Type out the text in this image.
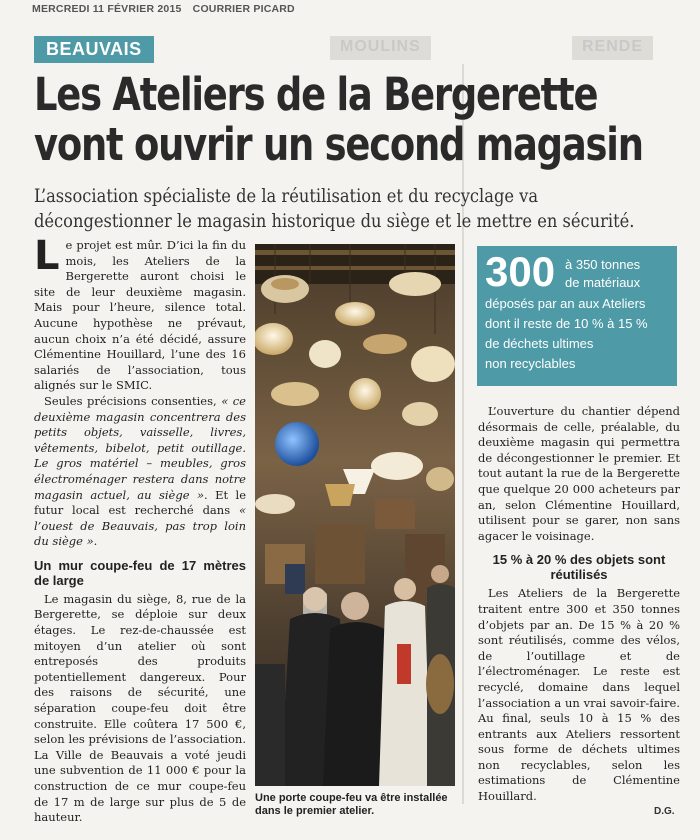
MERCREDI 11 FÉVRIER 2015 COURRIER PICARD
MOULINS	RENDE
BEAUVAIS
Les Ateliers de la Bergerette
vont ouvrir un second magasin
L’association spécialiste de la réutilisation et du recyclage va
décongestionner le magasin historique du siège et le mettre en sécurité.

Le projet est mûr. D’ici la fin du mois, les Ateliers de la Bergerette auront choisi le site de leur deuxième magasin. Mais pour l’heure, silence total. Aucune hypothèse ne prévaut, aucun choix n’a été décidé, assure Clémentine Houillard, l’une des 16 salariés de l’association, tous alignés sur le SMIC.

Seules précisions consenties, « ce deuxième magasin concentrera des petits objets, vaisselle, livres, vêtements, bibelot, petit outillage. Le gros matériel – meubles, gros électroménager restera dans notre magasin actuel, au siège ». Et le futur local est recherché dans « l’ouest de Beauvais, pas trop loin du siège ».

Un mur coupe-feu de 17 mètres de large

Le magasin du siège, 8, rue de la Bergerette, se déploie sur deux étages. Le rez-de-chaussée est mitoyen d’un atelier où sont entreposés des produits potentiellement dangereux. Pour des raisons de sécurité, une séparation coupe-feu doit être construite. Elle coûtera 17 500 €, selon les prévisions de l’association. La Ville de Beauvais a voté jeudi une subvention de 11 000 € pour la construction de ce mur coupe-feu de 17 m de large sur plus de 5 de hauteur.

Une porte coupe-feu va être installée dans le premier atelier.
300 à 350 tonnes
de matériaux
déposés par an aux Ateliers
dont il reste de 10 % à 15 %
de déchets ultimes
non recyclables

L’ouverture du chantier dépend désormais de celle, préalable, du deuxième magasin qui permettra de décongestionner le premier. Et tout autant la rue de la Bergerette que quelque 20 000 acheteurs par an, selon Clémentine Houillard, utilisent pour se garer, non sans agacer le voisinage.

15 % à 20 % des objets sont réutilisés

Les Ateliers de la Bergerette traitent entre 300 et 350 tonnes d’objets par an. De 15 % à 20 % sont réutilisés, comme des vélos, de l’outillage et de l’électroménager. Le reste est recyclé, domaine dans lequel l’association a un vrai savoir-faire. Au final, seuls 10 à 15 % des entrants aux Ateliers ressortent sous forme de déchets ultimes non recyclables, selon les estimations de Clémentine Houillard.

D.G.
